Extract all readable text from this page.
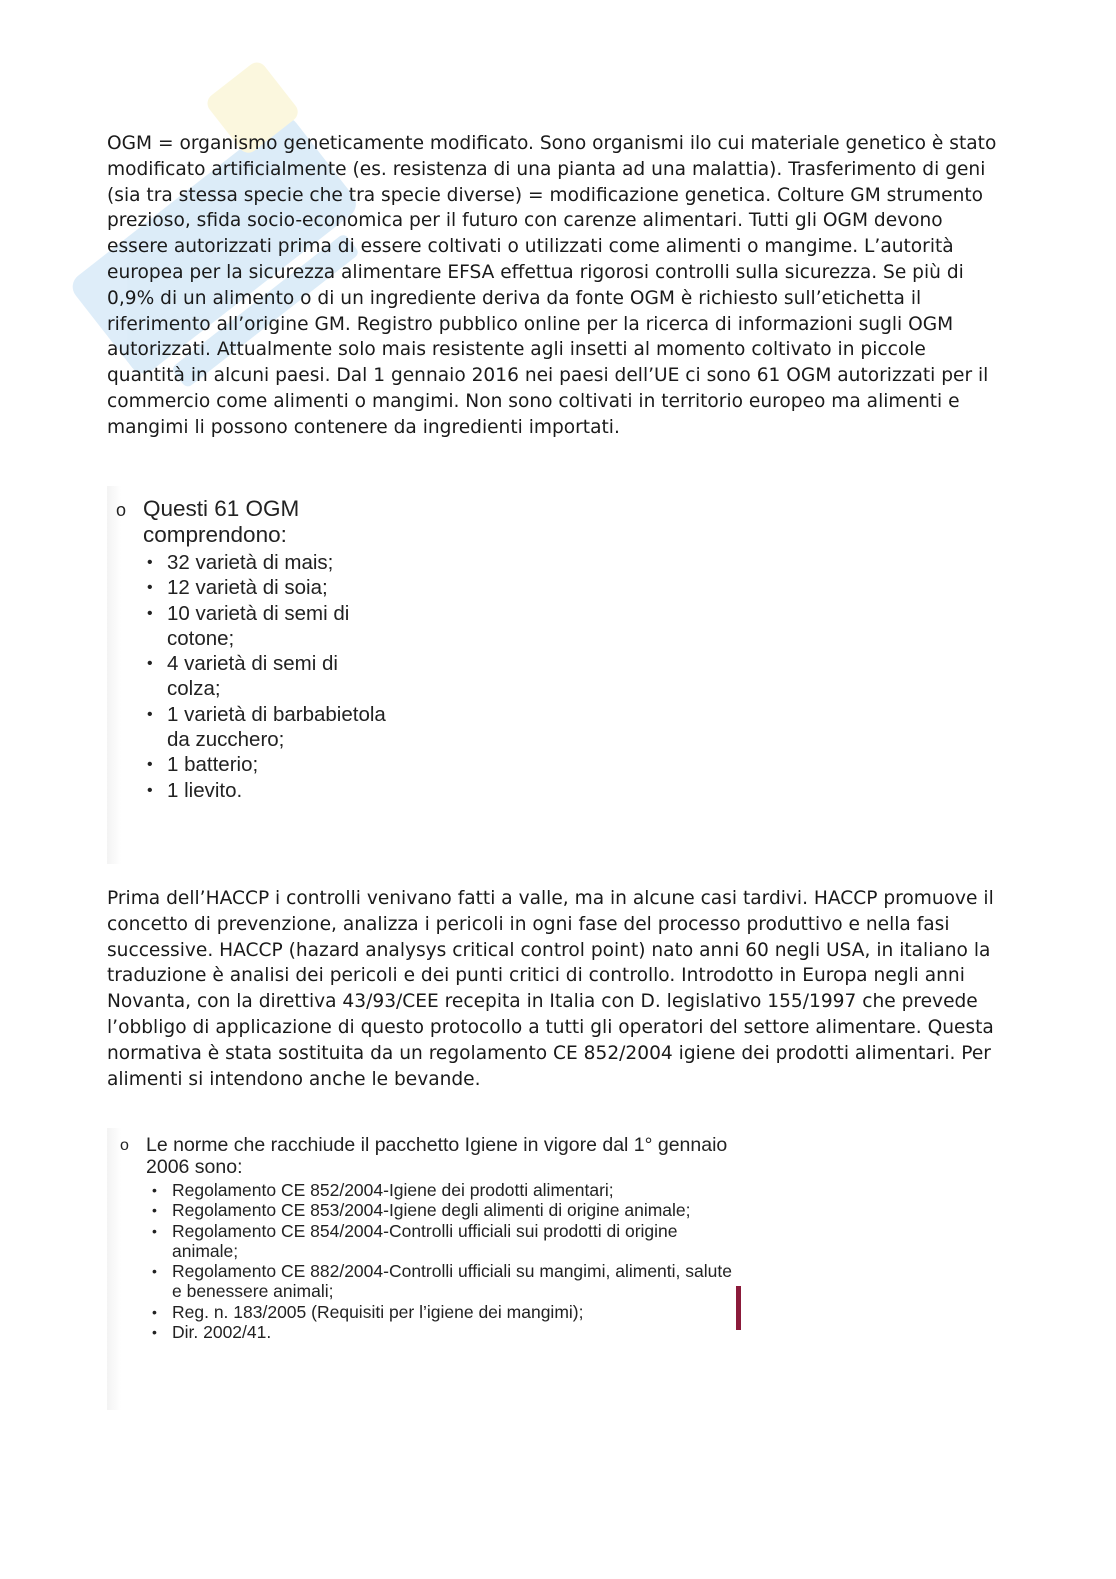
OGM = organismo geneticamente modificato. Sono organismi ilo cui materiale genetico è stato modificato artificialmente (es. resistenza di una pianta ad una malattia). Trasferimento di geni (sia tra stessa specie che tra specie diverse) = modificazione genetica. Colture GM strumento prezioso, sfida socio-economica per il futuro con carenze alimentari. Tutti gli OGM devono essere autorizzati prima di essere coltivati o utilizzati come alimenti o mangime. L’autorità europea per la sicurezza alimentare EFSA effettua rigorosi controlli sulla sicurezza. Se più di 0,9% di un alimento o di un ingrediente deriva da fonte OGM è richiesto sull’etichetta il riferimento all’origine GM. Registro pubblico online per la ricerca di informazioni sugli OGM autorizzati. Attualmente solo mais resistente agli insetti al momento coltivato in piccole quantità in alcuni paesi. Dal 1 gennaio 2016 nei paesi dell’UE ci sono 61 OGM autorizzati per il commercio come alimenti o mangimi. Non sono coltivati in territorio europeo ma alimenti e mangimi li possono contenere da ingredienti importati.

o Questi 61 OGM comprendono:
• 32 varietà di mais;
• 12 varietà di soia;
• 10 varietà di semi di cotone;
• 4 varietà di semi di colza;
• 1 varietà di barbabietola da zucchero;
• 1 batterio;
• 1 lievito.

Prima dell’HACCP i controlli venivano fatti a valle, ma in alcune casi tardivi. HACCP promuove il concetto di prevenzione, analizza i pericoli in ogni fase del processo produttivo e nella fasi successive. HACCP (hazard analysys critical control point) nato anni 60 negli USA, in italiano la traduzione è analisi dei pericoli e dei punti critici di controllo. Introdotto in Europa negli anni Novanta, con la direttiva 43/93/CEE recepita in Italia con D. legislativo 155/1997 che prevede l’obbligo di applicazione di questo protocollo a tutti gli operatori del settore alimentare. Questa normativa è stata sostituita da un regolamento CE 852/2004 igiene dei prodotti alimentari. Per alimenti si intendono anche le bevande.

o Le norme che racchiude il pacchetto Igiene in vigore dal 1° gennaio 2006 sono:
• Regolamento CE 852/2004-Igiene dei prodotti alimentari;
• Regolamento CE 853/2004-Igiene degli alimenti di origine animale;
• Regolamento CE 854/2004-Controlli ufficiali sui prodotti di origine animale;
• Regolamento CE 882/2004-Controlli ufficiali su mangimi, alimenti, salute e benessere animali;
• Reg. n. 183/2005 (Requisiti per l’igiene dei mangimi);
• Dir. 2002/41.
